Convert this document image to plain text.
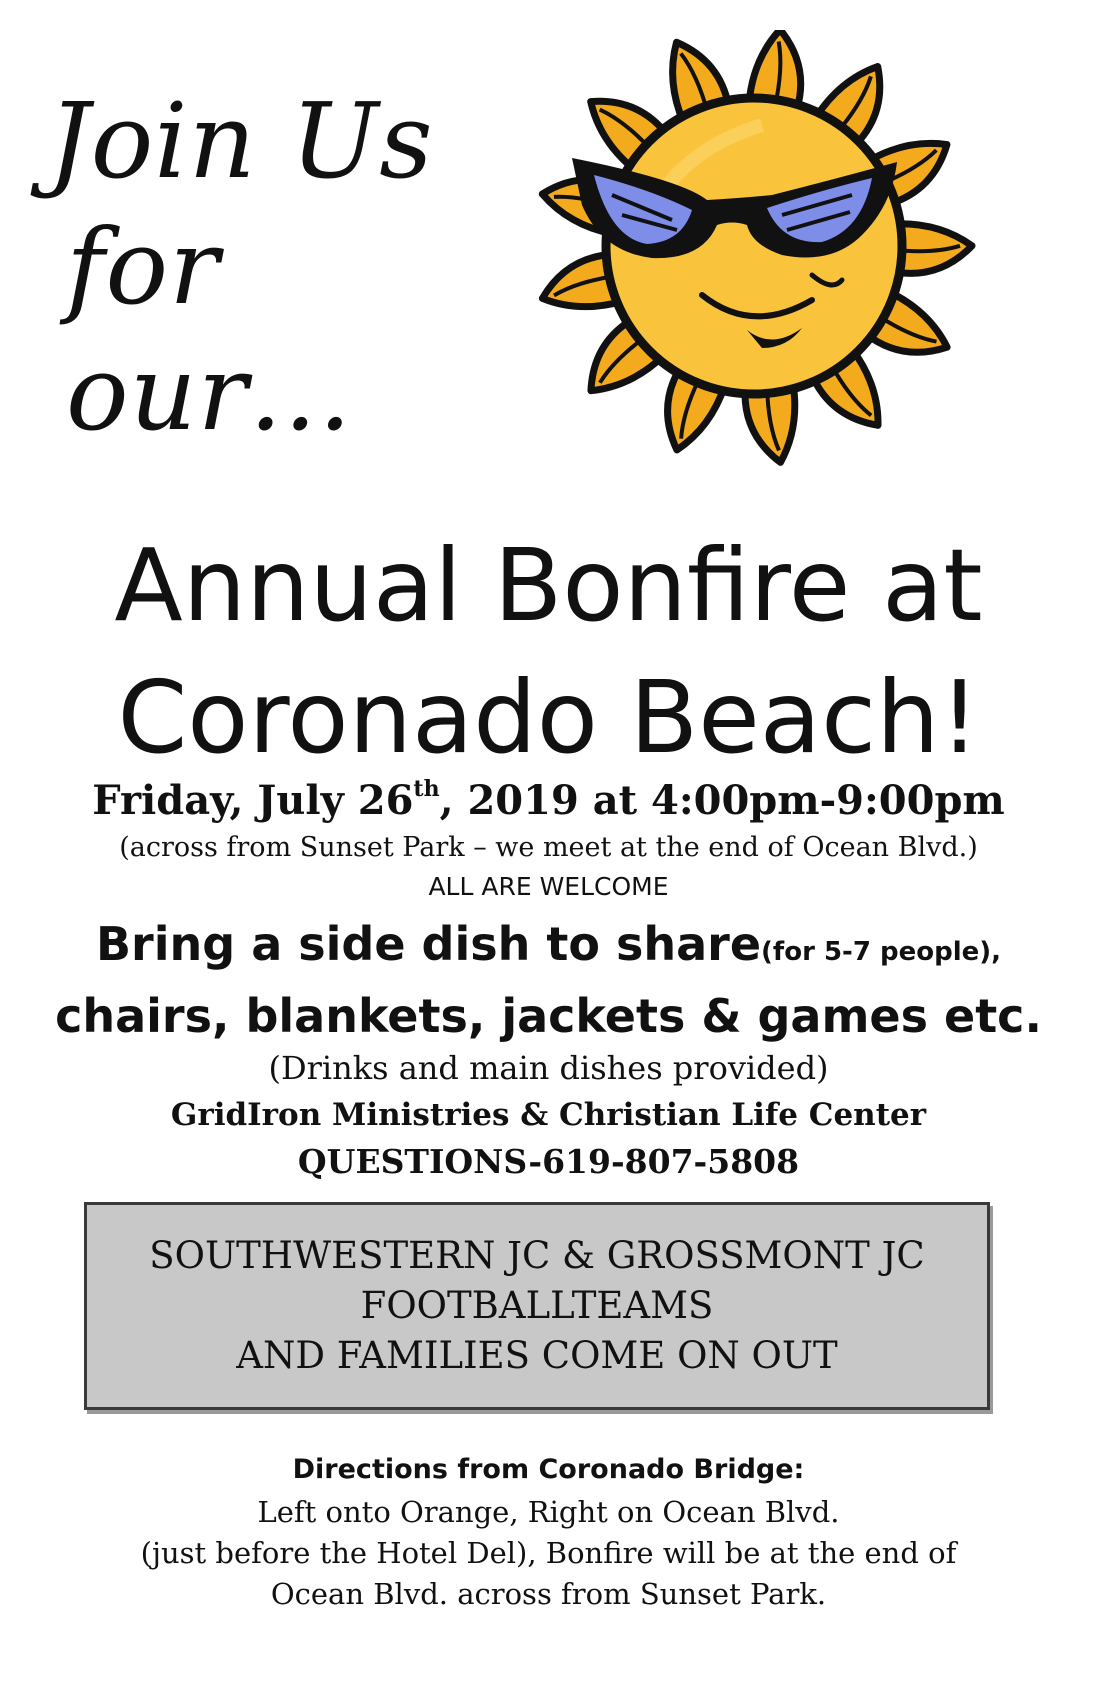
Join Us
for our…
Annual Bonfire at
Coronado Beach!
Friday, July 26th, 2019 at 4:00pm-9:00pm
(across from Sunset Park – we meet at the end of Ocean Blvd.)
ALL ARE WELCOME
Bring a side dish to share(for 5-7 people),
chairs, blankets, jackets & games etc.
(Drinks and main dishes provided)
GridIron Ministries & Christian Life Center
QUESTIONS-619-807-5808
SOUTHWESTERN JC & GROSSMONT JC
FOOTBALLTEAMS
AND FAMILIES COME ON OUT
Directions from Coronado Bridge:
Left onto Orange, Right on Ocean Blvd.
(just before the Hotel Del), Bonfire will be at the end of
Ocean Blvd. across from Sunset Park.
